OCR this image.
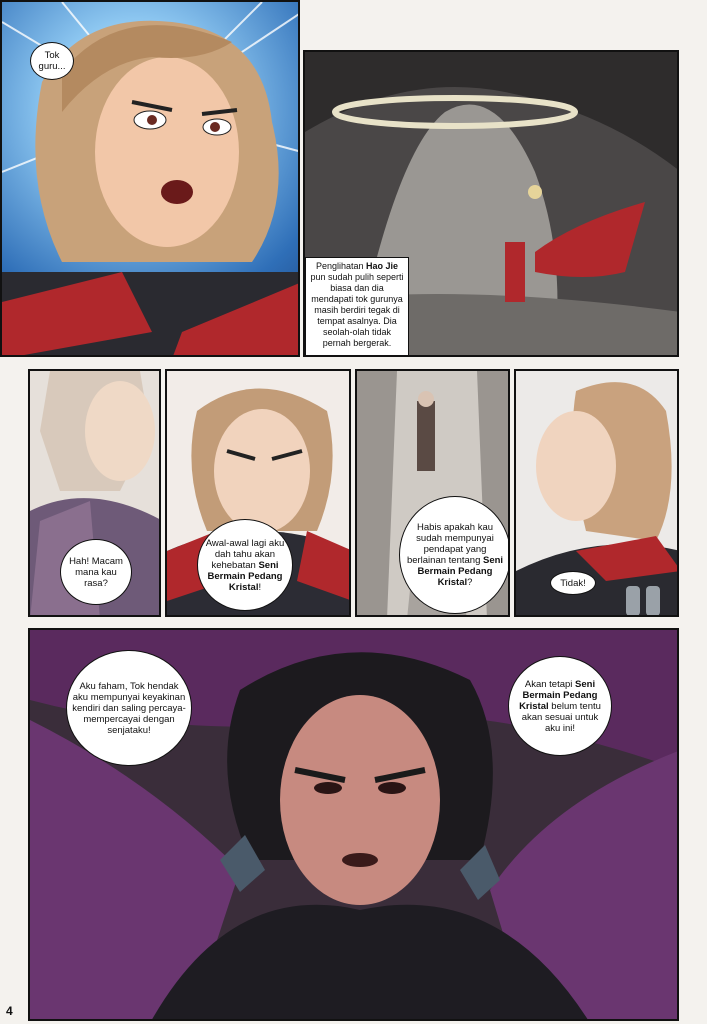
Tok guru...
Penglihatan Hao Jie pun sudah pulih seperti biasa dan dia mendapati tok gurunya masih berdiri tegak di tempat asalnya. Dia seolah-olah tidak pernah bergerak.
Hah! Macam mana kau rasa?
Awal-awal lagi aku dah tahu akan kehebatan Seni Bermain Pedang Kristal!
Habis apakah kau sudah mempunyai pendapat yang berlainan tentang Seni Bermain Pedang Kristal?	Tidak!
Aku faham, Tok hendak aku mempunyai keyakinan kendiri dan saling percaya-mempercayai dengan senjataku!
Akan tetapi Seni Bermain Pedang Kristal belum tentu akan sesuai untuk aku ini!
4
